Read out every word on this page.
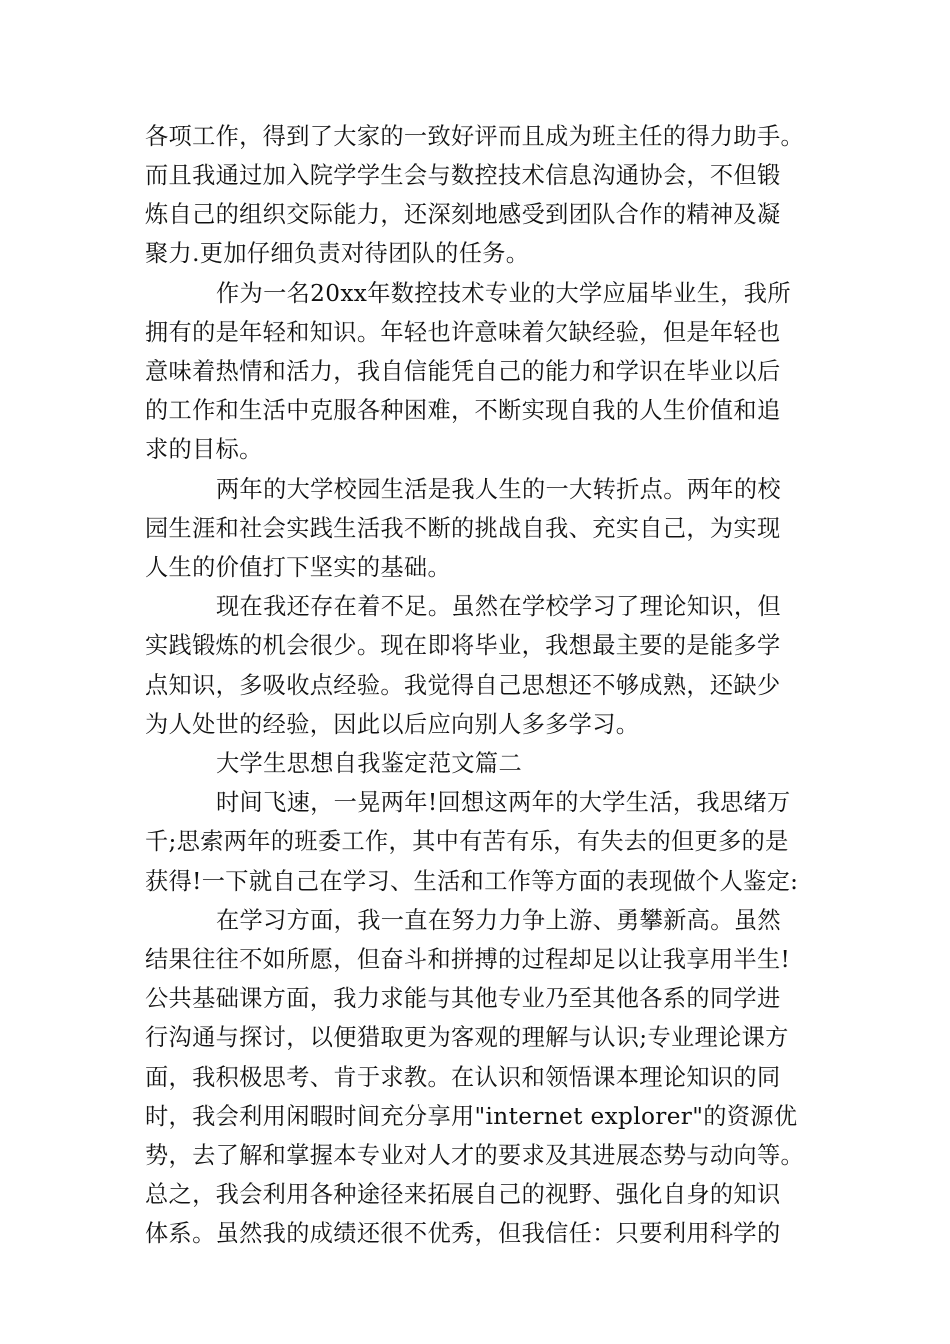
各项工作，得到了大家的一致好评而且成为班主任的得力助手。
而且我通过加入院学学生会与数控技术信息沟通协会，不但锻
炼自己的组织交际能力，还深刻地感受到团队合作的精神及凝
聚力.更加仔细负责对待团队的任务。
作为一名20xx年数控技术专业的大学应届毕业生，我所
拥有的是年轻和知识。年轻也许意味着欠缺经验，但是年轻也
意味着热情和活力，我自信能凭自己的能力和学识在毕业以后
的工作和生活中克服各种困难，不断实现自我的人生价值和追
求的目标。
两年的大学校园生活是我人生的一大转折点。两年的校
园生涯和社会实践生活我不断的挑战自我、充实自己，为实现
人生的价值打下坚实的基础。
现在我还存在着不足。虽然在学校学习了理论知识，但
实践锻炼的机会很少。现在即将毕业，我想最主要的是能多学
点知识，多吸收点经验。我觉得自己思想还不够成熟，还缺少
为人处世的经验，因此以后应向别人多多学习。
大学生思想自我鉴定范文篇二
时间飞速，一晃两年!回想这两年的大学生活，我思绪万
千;思索两年的班委工作，其中有苦有乐，有失去的但更多的是
获得!一下就自己在学习、生活和工作等方面的表现做个人鉴定:
在学习方面，我一直在努力力争上游、勇攀新高。虽然
结果往往不如所愿，但奋斗和拼搏的过程却足以让我享用半生!
公共基础课方面，我力求能与其他专业乃至其他各系的同学进
行沟通与探讨，以便猎取更为客观的理解与认识;专业理论课方
面，我积极思考、肯于求教。在认识和领悟课本理论知识的同
时，我会利用闲暇时间充分享用"internet explorer"的资源优
势，去了解和掌握本专业对人才的要求及其进展态势与动向等。
总之，我会利用各种途径来拓展自己的视野、强化自身的知识
体系。虽然我的成绩还很不优秀，但我信任：只要利用科学的
